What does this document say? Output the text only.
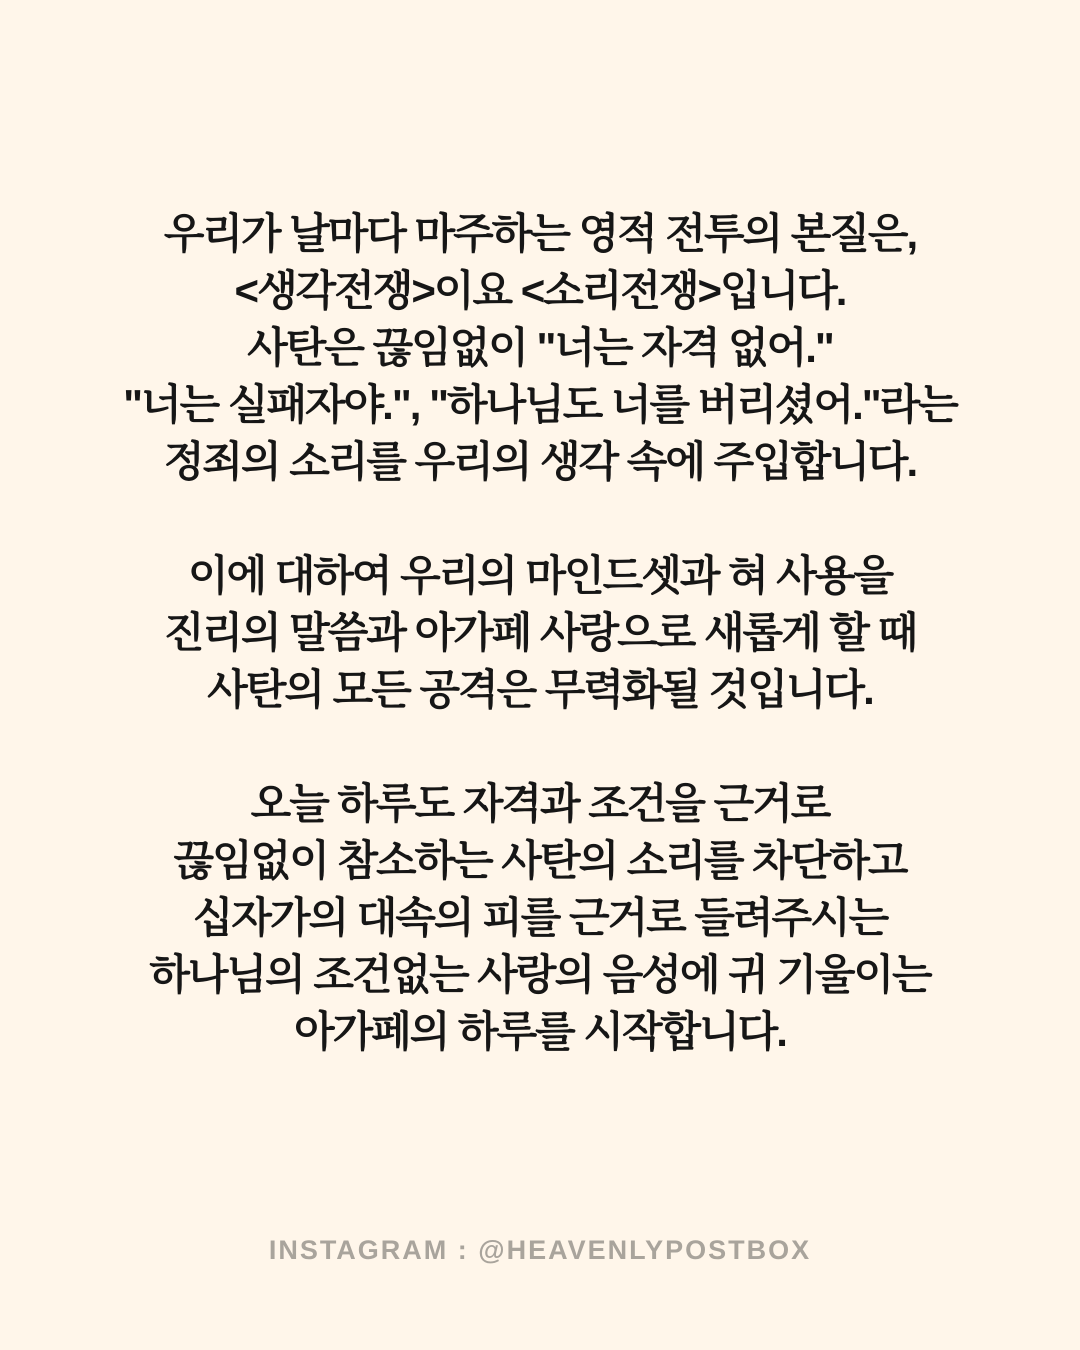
우리가 날마다 마주하는 영적 전투의 본질은,
<생각전쟁>이요 <소리전쟁>입니다.
사탄은 끊임없이 "너는 자격 없어."
"너는 실패자야.", "하나님도 너를 버리셨어."라는
정죄의 소리를 우리의 생각 속에 주입합니다.
이에 대하여 우리의 마인드셋과 혀 사용을
진리의 말씀과 아가페 사랑으로 새롭게 할 때
사탄의 모든 공격은 무력화될 것입니다.
오늘 하루도 자격과 조건을 근거로
끊임없이 참소하는 사탄의 소리를 차단하고
십자가의 대속의 피를 근거로 들려주시는
하나님의 조건없는 사랑의 음성에 귀 기울이는
아가페의 하루를 시작합니다.
INSTAGRAM : @HEAVENLYPOSTBOX
